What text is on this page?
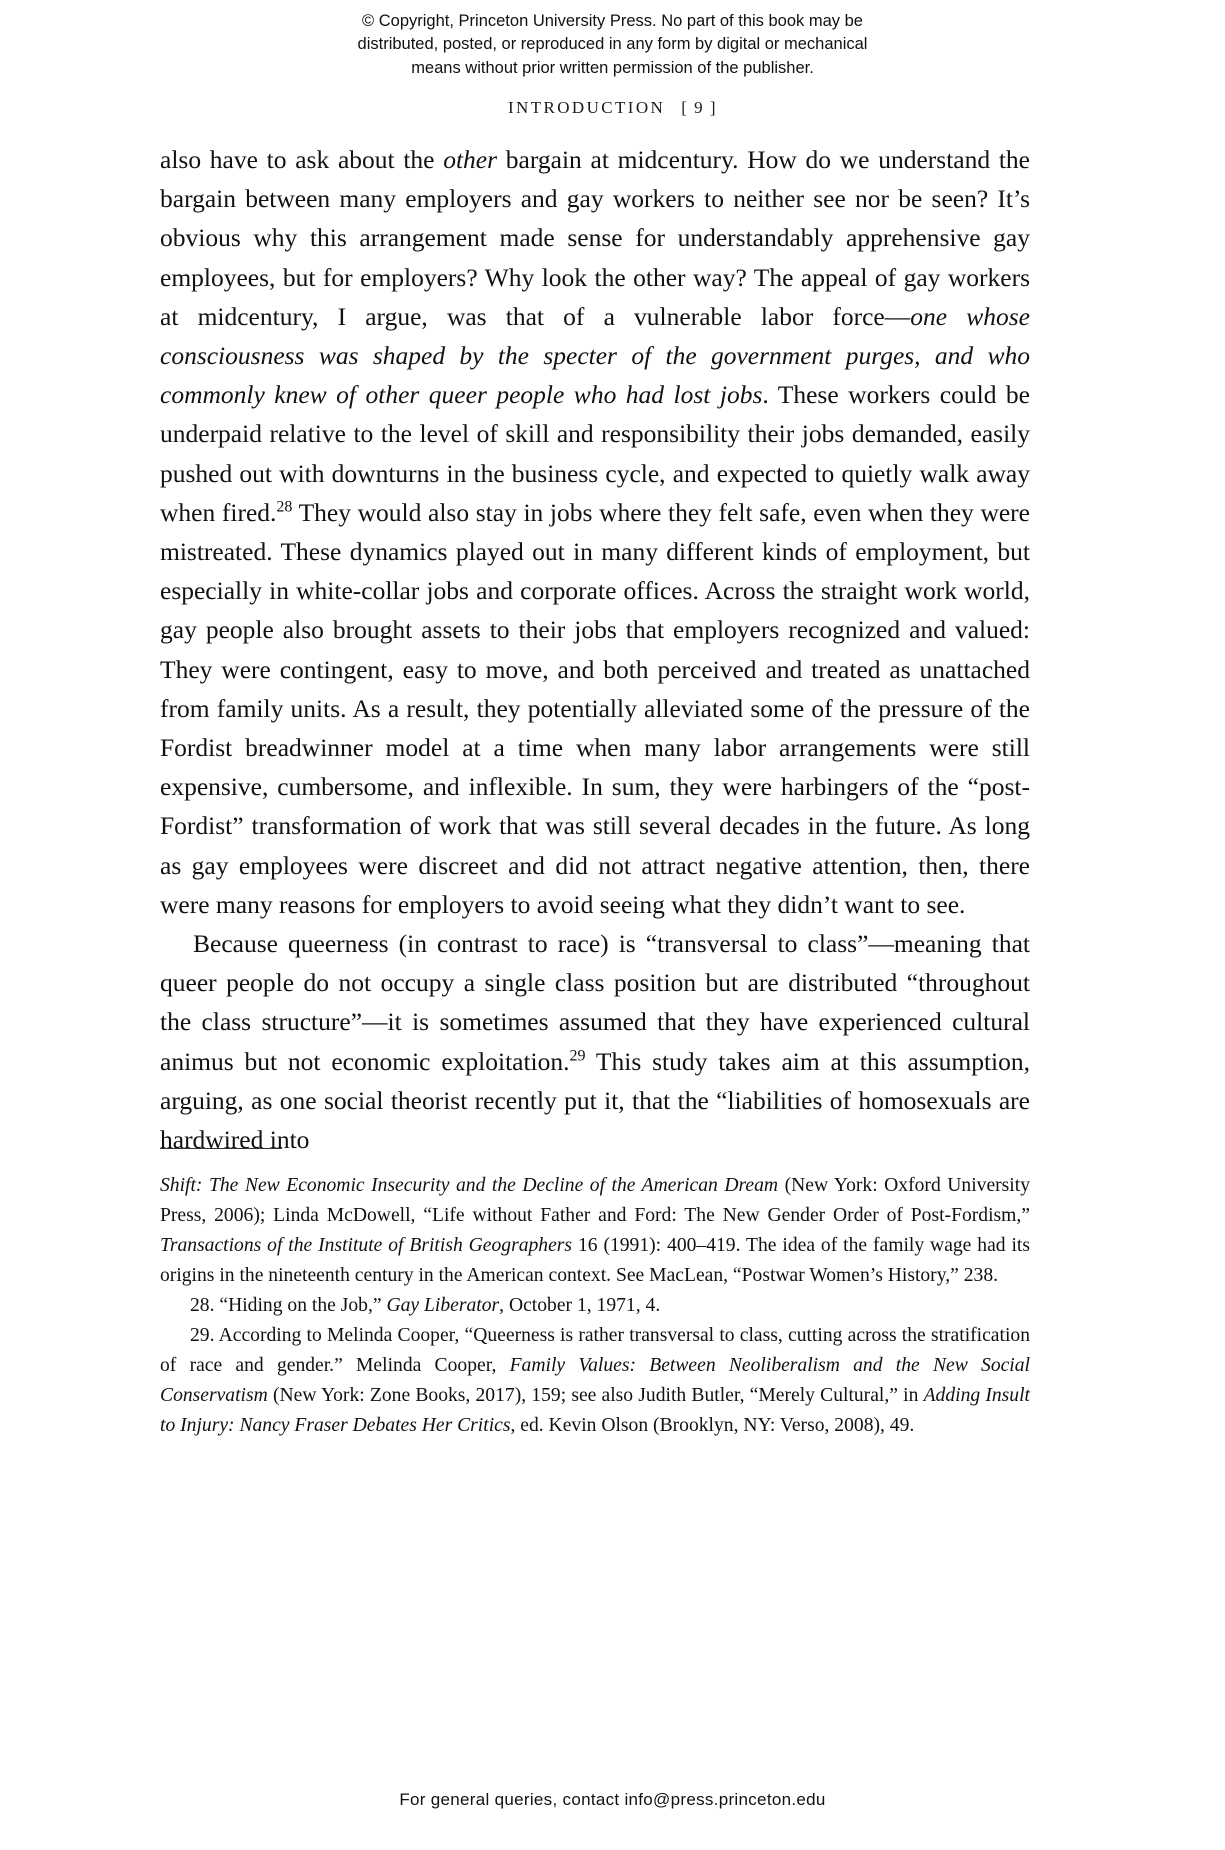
© Copyright, Princeton University Press. No part of this book may be
distributed, posted, or reproduced in any form by digital or mechanical
means without prior written permission of the publisher.
INTRODUCTION [ 9 ]

also have to ask about the other bargain at midcentury. How do we understand the bargain between many employers and gay workers to neither see nor be seen? It’s obvious why this arrangement made sense for understandably apprehensive gay employees, but for employers? Why look the other way? The appeal of gay workers at midcentury, I argue, was that of a vulnerable labor force—one whose consciousness was shaped by the specter of the government purges, and who commonly knew of other queer people who had lost jobs. These workers could be underpaid relative to the level of skill and responsibility their jobs demanded, easily pushed out with downturns in the business cycle, and expected to quietly walk away when fired.$^{28}$ They would also stay in jobs where they felt safe, even when they were mistreated. These dynamics played out in many different kinds of employment, but especially in white-collar jobs and corporate offices. Across the straight work world, gay people also brought assets to their jobs that employers recognized and valued: They were contingent, easy to move, and both perceived and treated as unattached from family units. As a result, they potentially alleviated some of the pressure of the Fordist breadwinner model at a time when many labor arrangements were still expensive, cumbersome, and inflexible. In sum, they were harbingers of the “post-Fordist” transformation of work that was still several decades in the future. As long as gay employees were discreet and did not attract negative attention, then, there were many reasons for employers to avoid seeing what they didn’t want to see.

Because queerness (in contrast to race) is “transversal to class”—meaning that queer people do not occupy a single class position but are distributed “throughout the class structure”—it is sometimes assumed that they have experienced cultural animus but not economic exploitation.$^{29}$ This study takes aim at this assumption, arguing, as one social theorist recently put it, that the “liabilities of homosexuals are hardwired into

Shift: The New Economic Insecurity and the Decline of the American Dream (New York: Oxford University Press, 2006); Linda McDowell, “Life without Father and Ford: The New Gender Order of Post-Fordism,” Transactions of the Institute of British Geographers 16 (1991): 400–419. The idea of the family wage had its origins in the nineteenth century in the American context. See MacLean, “Postwar Women’s History,” 238.

28. “Hiding on the Job,” Gay Liberator, October 1, 1971, 4.

29. According to Melinda Cooper, “Queerness is rather transversal to class, cutting across the stratification of race and gender.” Melinda Cooper, Family Values: Between Neoliberalism and the New Social Conservatism (New York: Zone Books, 2017), 159; see also Judith Butler, “Merely Cultural,” in Adding Insult to Injury: Nancy Fraser Debates Her Critics, ed. Kevin Olson (Brooklyn, NY: Verso, 2008), 49.

For general queries, contact info@press.princeton.edu
